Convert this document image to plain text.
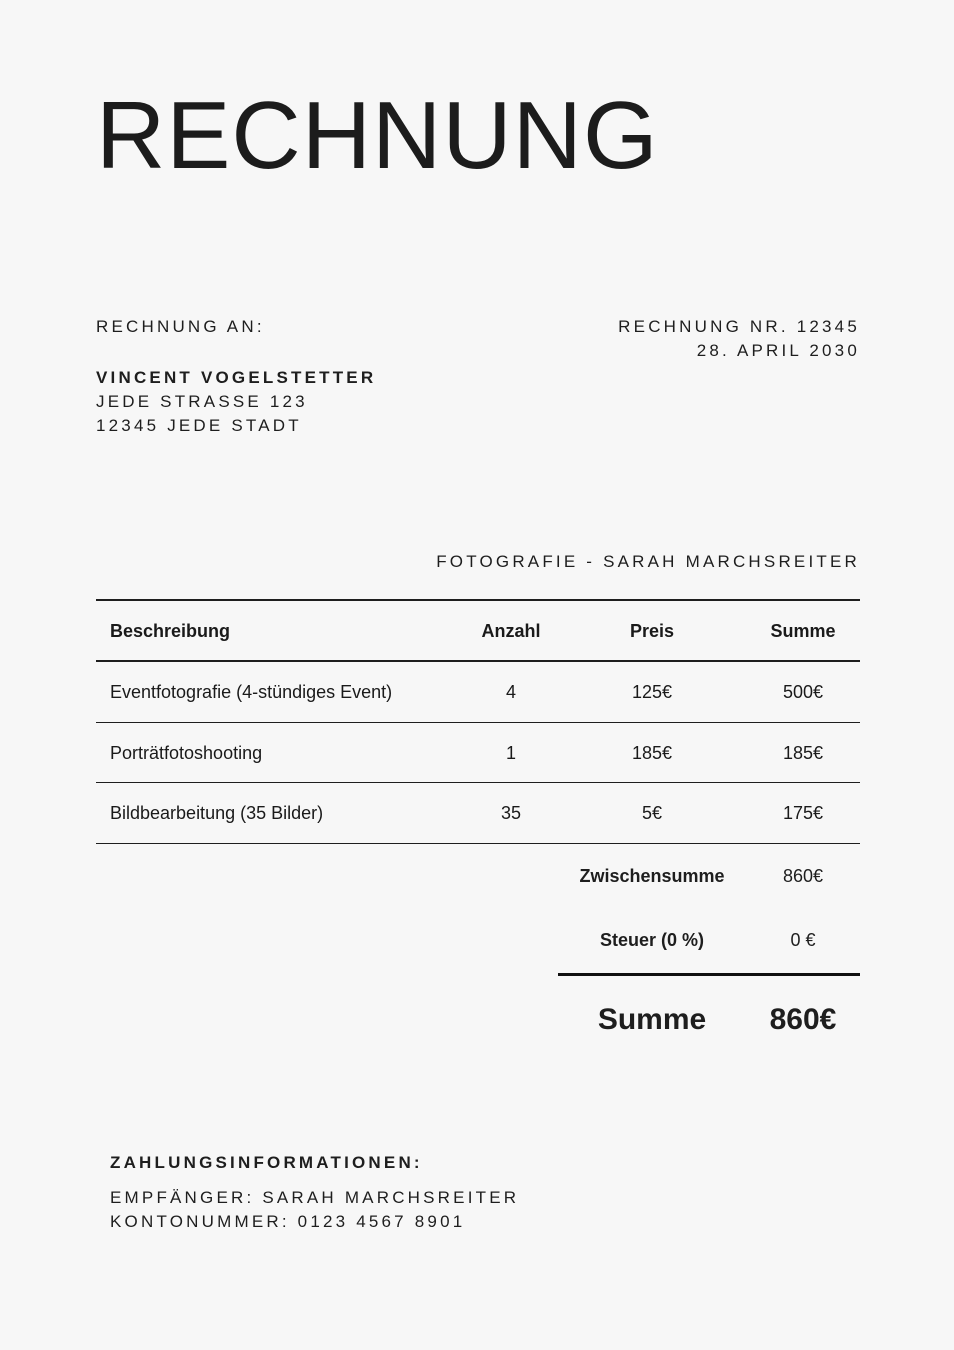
RECHNUNG
RECHNUNG AN:
VINCENT VOGELSTETTER
JEDE STRASSE 123
12345 JEDE STADT
RECHNUNG NR. 12345
28. APRIL 2030
FOTOGRAFIE - SARAH MARCHSREITER
Beschreibung	Anzahl	Preis	Summe
Eventfotografie (4-stündiges Event)	4	125€	500€
Porträtfotoshooting	1	185€	185€
Bildbearbeitung (35 Bilder)	35	5€	175€
Zwischensumme	860€
Steuer (0 %)	0 €
Summe	860€
ZAHLUNGSINFORMATIONEN:
EMPFÄNGER: SARAH MARCHSREITER
KONTONUMMER: 0123 4567 8901
